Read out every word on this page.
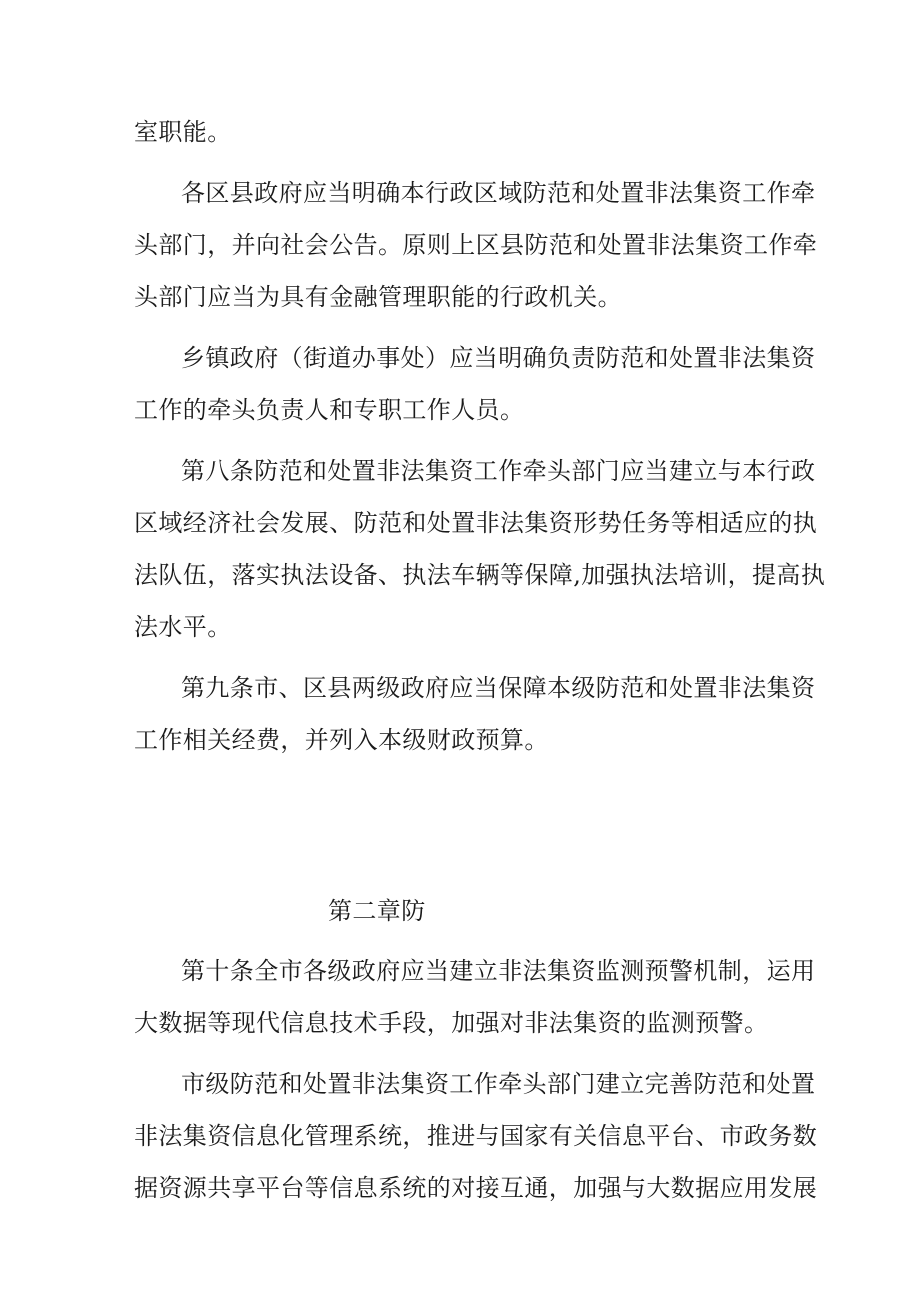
室职能。
各区县政府应当明确本行政区域防范和处置非法集资工作牵
头部门，并向社会公告。原则上区县防范和处置非法集资工作牵
头部门应当为具有金融管理职能的行政机关。
乡镇政府（街道办事处）应当明确负责防范和处置非法集资
工作的牵头负责人和专职工作人员。
第八条防范和处置非法集资工作牵头部门应当建立与本行政
区域经济社会发展、防范和处置非法集资形势任务等相适应的执
法队伍，落实执法设备、执法车辆等保障,加强执法培训，提高执
法水平。
第九条市、区县两级政府应当保障本级防范和处置非法集资
工作相关经费，并列入本级财政预算。
第二章防
第十条全市各级政府应当建立非法集资监测预警机制，运用
大数据等现代信息技术手段，加强对非法集资的监测预警。
市级防范和处置非法集资工作牵头部门建立完善防范和处置
非法集资信息化管理系统，推进与国家有关信息平台、市政务数
据资源共享平台等信息系统的对接互通，加强与大数据应用发展
